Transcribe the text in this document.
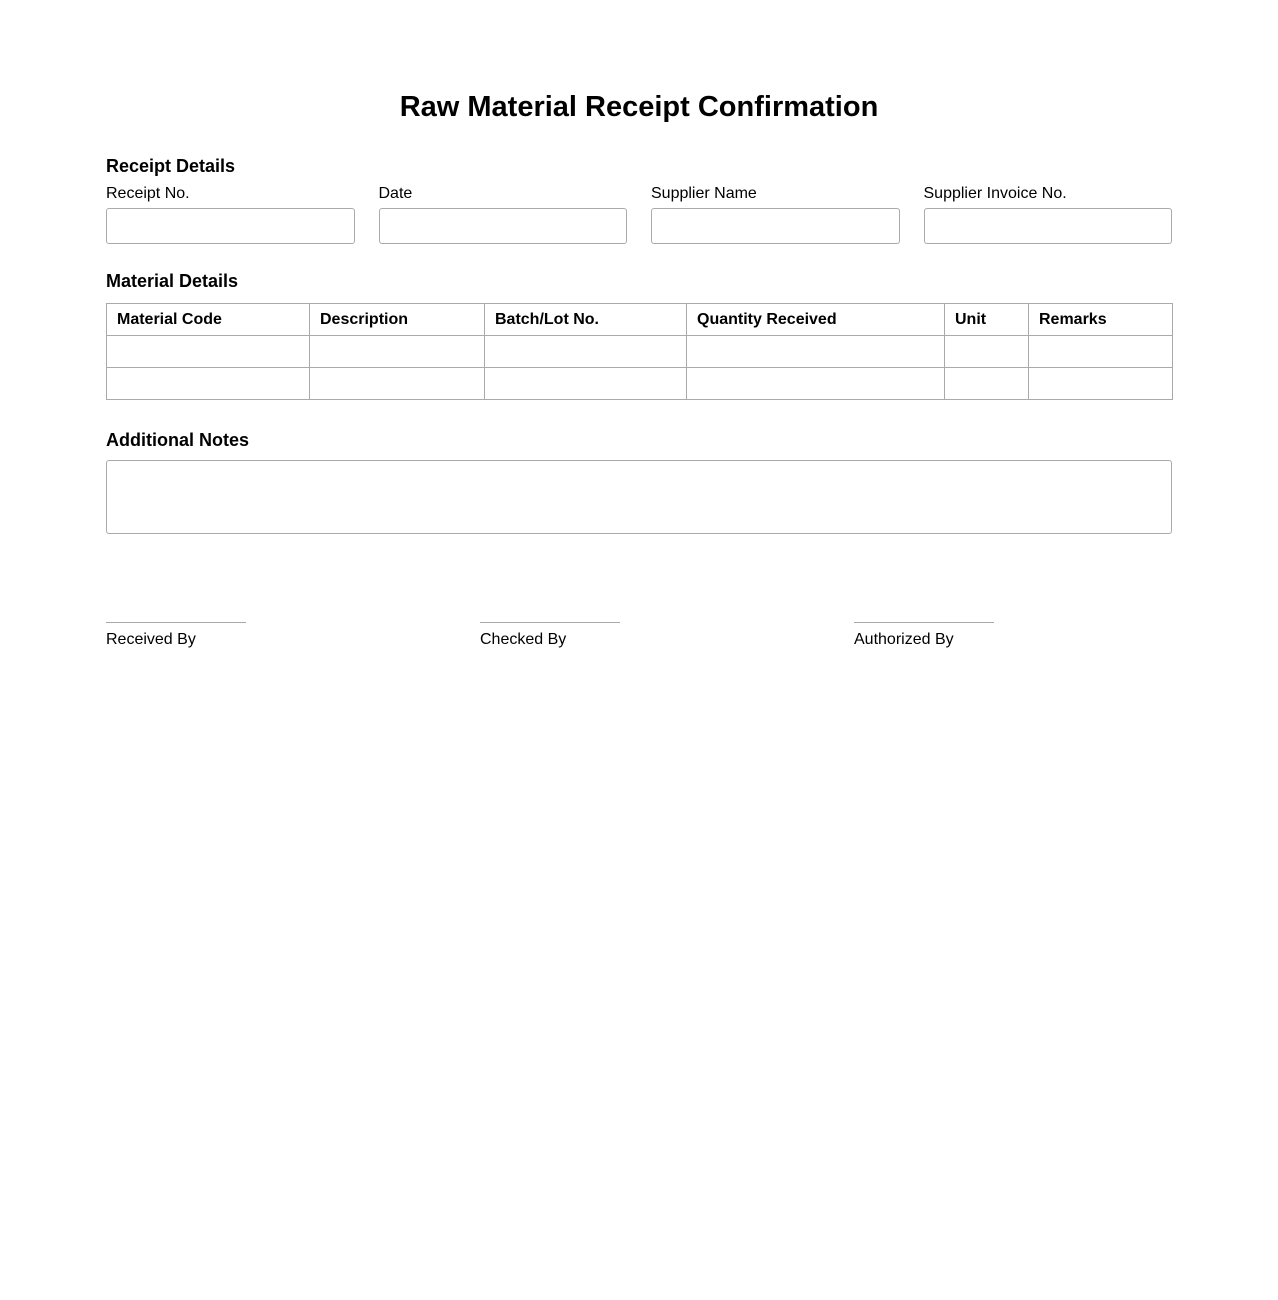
Raw Material Receipt Confirmation
Receipt Details
Receipt No.	Date	Supplier Name	Supplier Invoice No.
Material Details
Material Code	Description	Batch/Lot No.	Quantity Received	Unit	Remarks

Additional Notes
Received By	Checked By	Authorized By
